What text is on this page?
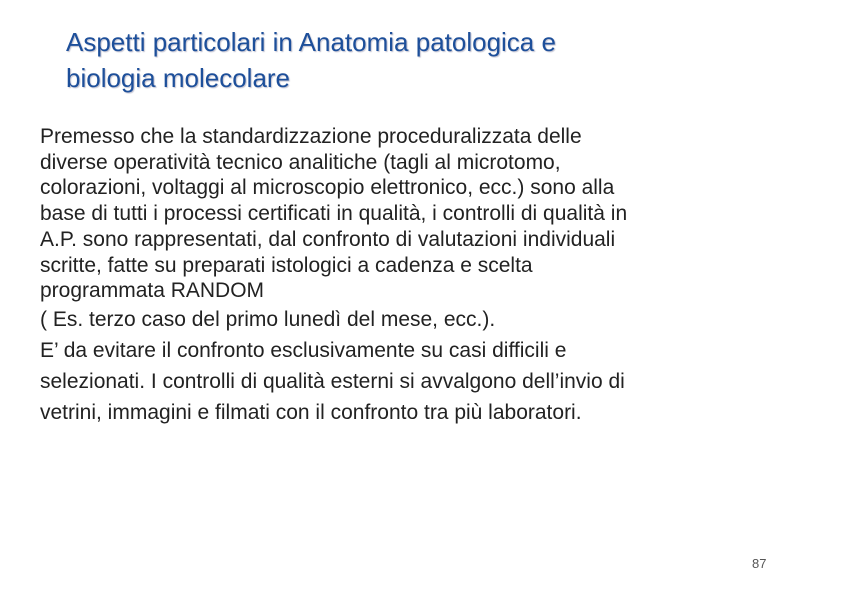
Aspetti particolari in Anatomia patologica e
biologia molecolare

Premesso che la standardizzazione proceduralizzata delle
diverse operatività tecnico analitiche (tagli al microtomo,
colorazioni, voltaggi al microscopio elettronico, ecc.) sono alla
base di tutti i processi certificati in qualità, i controlli di qualità in
A.P. sono rappresentati, dal confronto di valutazioni individuali
scritte, fatte su preparati istologici a cadenza e scelta
programmata RANDOM

( Es. terzo caso del primo lunedì del mese, ecc.).
E’ da evitare il confronto esclusivamente su casi difficili e
selezionati. I controlli di qualità esterni si avvalgono dell’invio di
vetrini, immagini e filmati con il confronto tra più laboratori.

87
